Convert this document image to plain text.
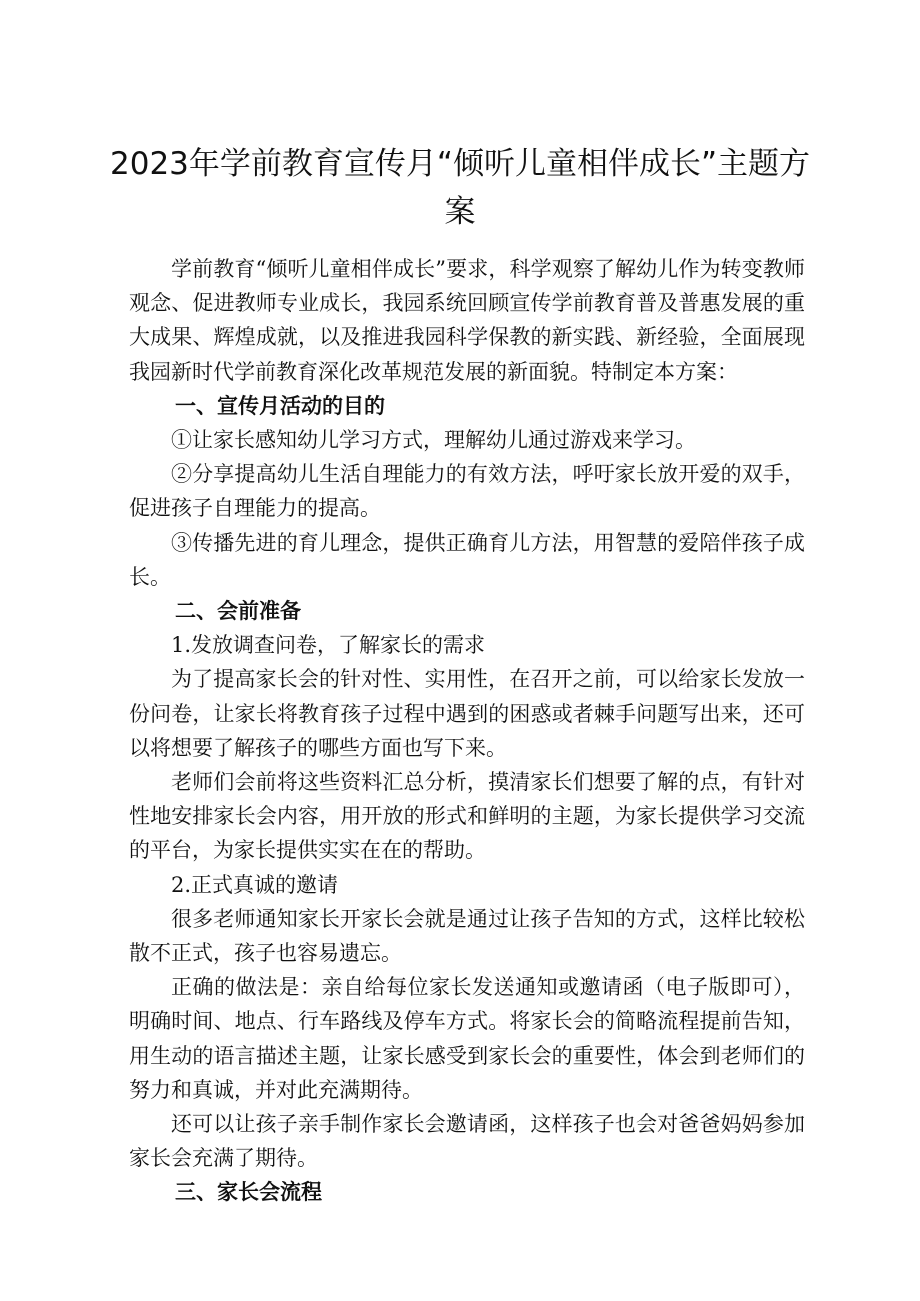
2023年学前教育宣传月“倾听儿童相伴成长”主题方案

学前教育“倾听儿童相伴成长”要求，科学观察了解幼儿作为转变教师观念、促进教师专业成长，我园系统回顾宣传学前教育普及普惠发展的重大成果、辉煌成就，以及推进我园科学保教的新实践、新经验，全面展现我园新时代学前教育深化改革规范发展的新面貌。特制定本方案：

一、宣传月活动的目的

①让家长感知幼儿学习方式，理解幼儿通过游戏来学习。

②分享提高幼儿生活自理能力的有效方法，呼吁家长放开爱的双手，促进孩子自理能力的提高。

③传播先进的育儿理念，提供正确育儿方法，用智慧的爱陪伴孩子成长。

二、会前准备

1.发放调查问卷，了解家长的需求

为了提高家长会的针对性、实用性，在召开之前，可以给家长发放一份问卷，让家长将教育孩子过程中遇到的困惑或者棘手问题写出来，还可以将想要了解孩子的哪些方面也写下来。

老师们会前将这些资料汇总分析，摸清家长们想要了解的点，有针对性地安排家长会内容，用开放的形式和鲜明的主题，为家长提供学习交流的平台，为家长提供实实在在的帮助。

2.正式真诚的邀请

很多老师通知家长开家长会就是通过让孩子告知的方式，这样比较松散不正式，孩子也容易遗忘。

正确的做法是：亲自给每位家长发送通知或邀请函（电子版即可），明确时间、地点、行车路线及停车方式。将家长会的简略流程提前告知，用生动的语言描述主题，让家长感受到家长会的重要性，体会到老师们的努力和真诚，并对此充满期待。

还可以让孩子亲手制作家长会邀请函，这样孩子也会对爸爸妈妈参加家长会充满了期待。

三、家长会流程
